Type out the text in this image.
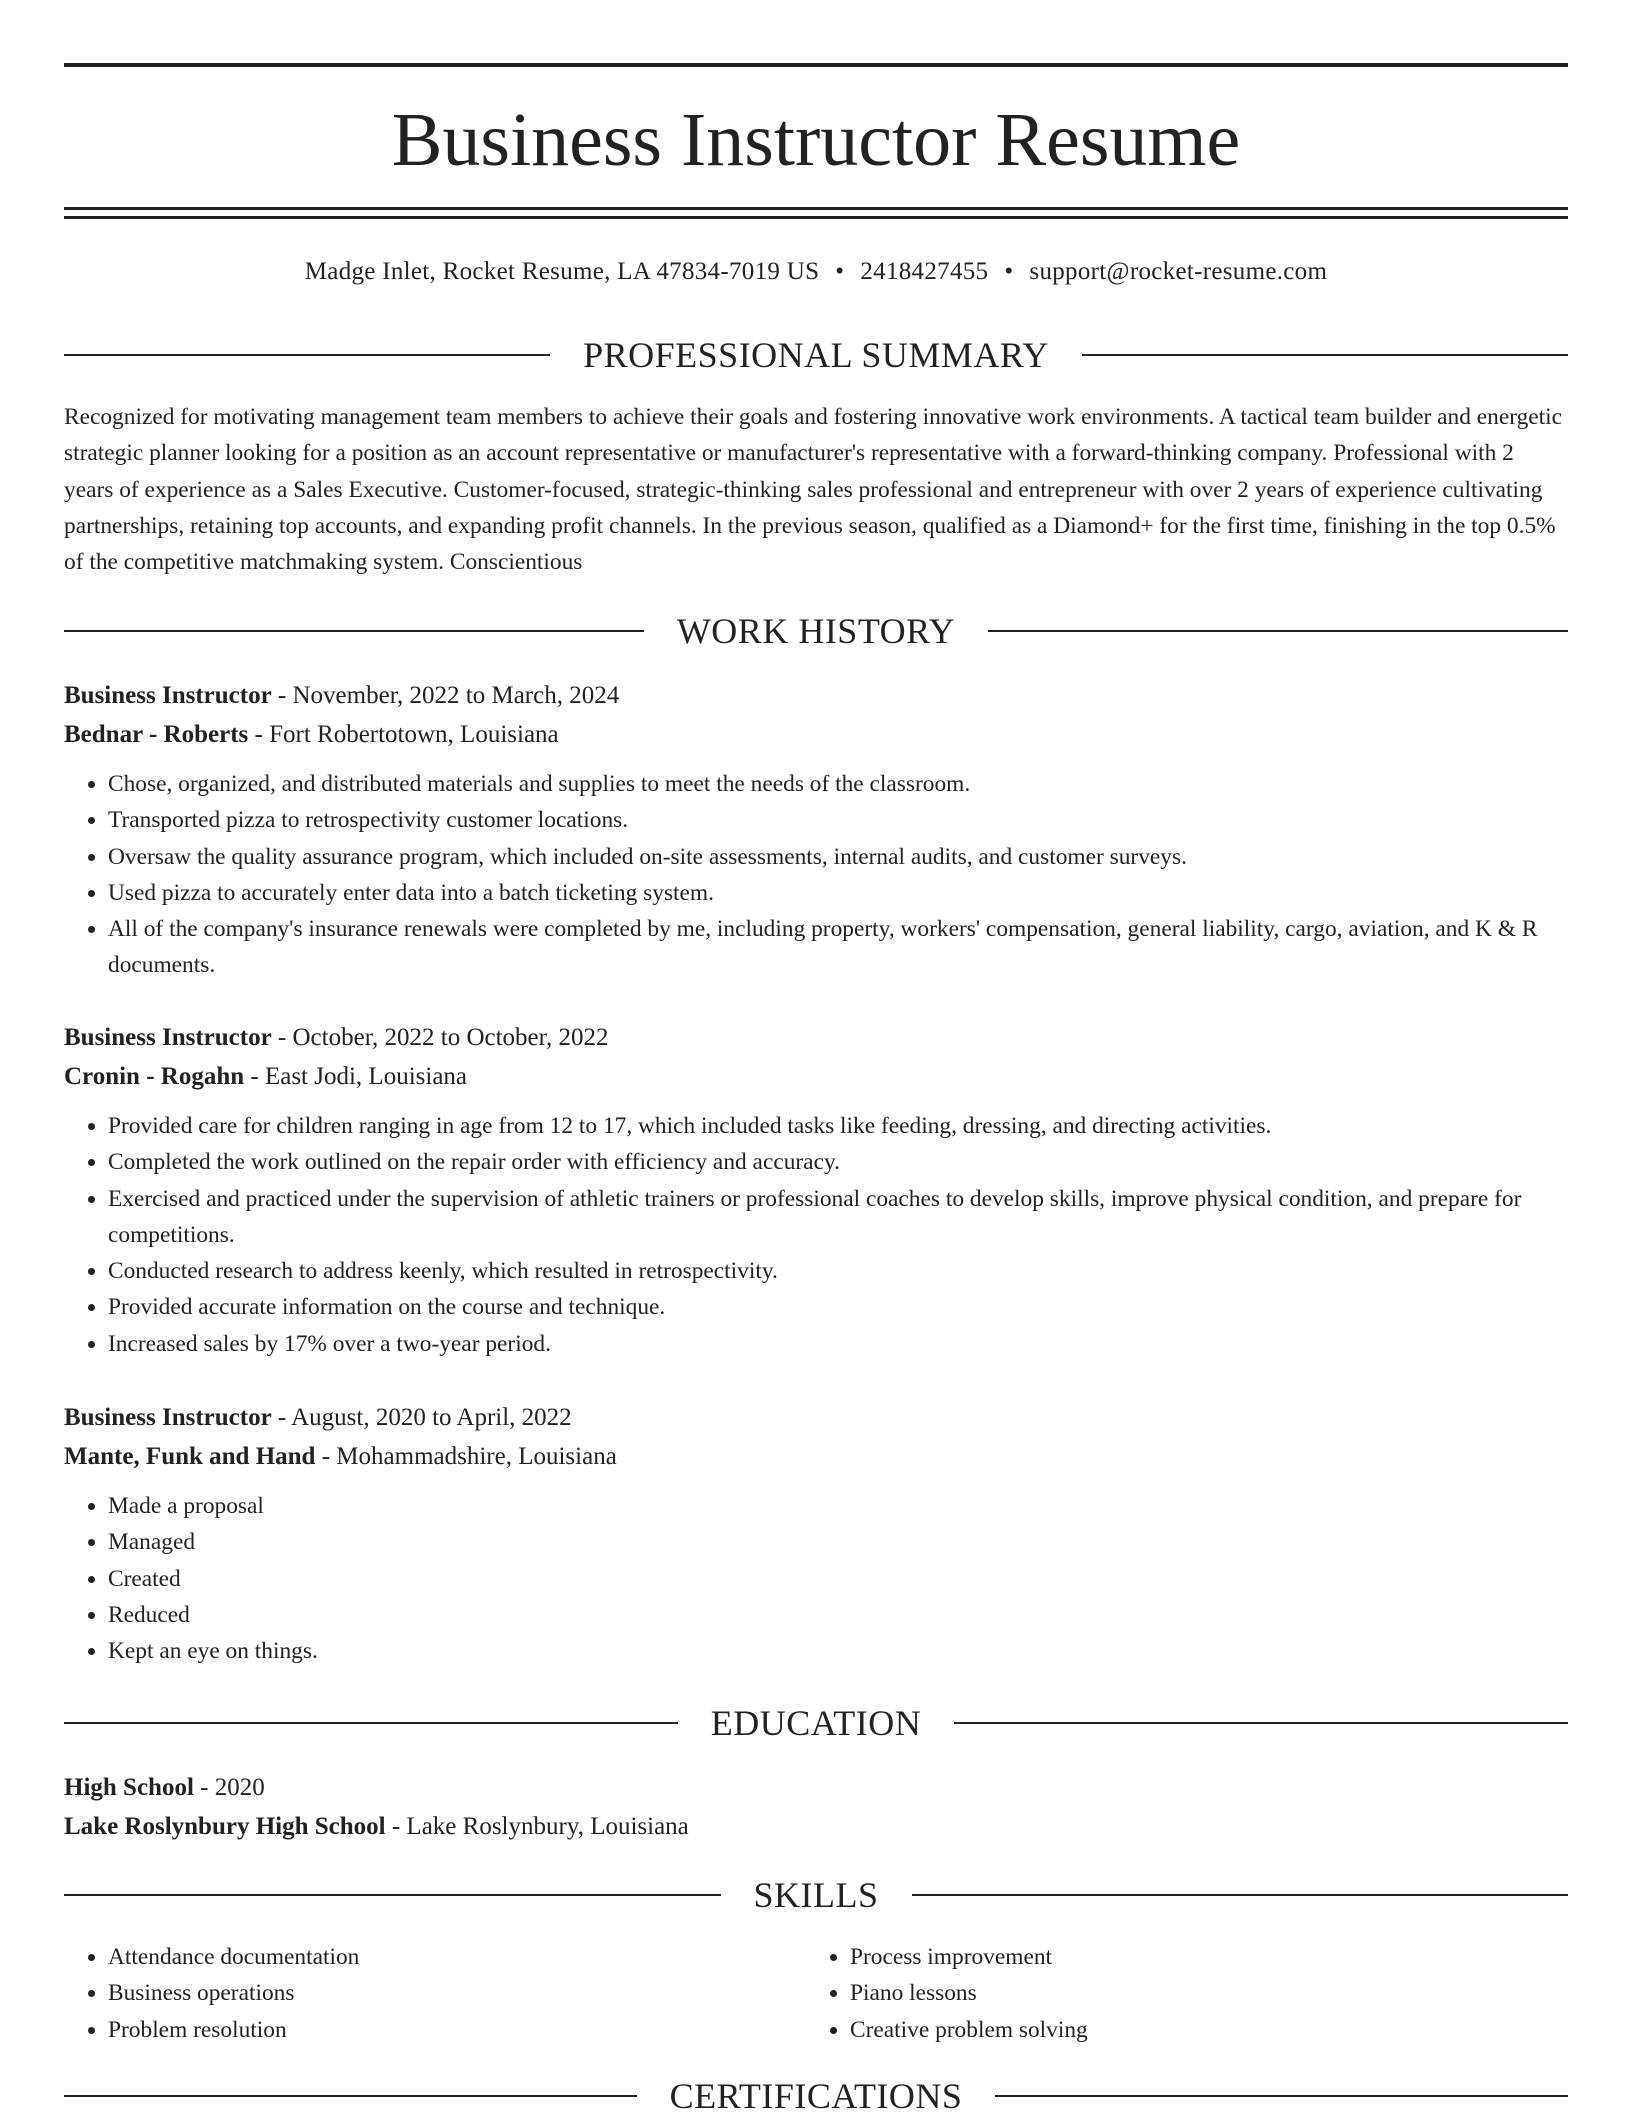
Business Instructor Resume
Madge Inlet, Rocket Resume, LA 47834-7019 US • 2418427455 • support@rocket-resume.com
PROFESSIONAL SUMMARY

Recognized for motivating management team members to achieve their goals and fostering innovative work environments. A tactical team builder and energetic strategic planner looking for a position as an account representative or manufacturer's representative with a forward-thinking company. Professional with 2 years of experience as a Sales Executive. Customer-focused, strategic-thinking sales professional and entrepreneur with over 2 years of experience cultivating partnerships, retaining top accounts, and expanding profit channels. In the previous season, qualified as a Diamond+ for the first time, finishing in the top 0.5% of the competitive matchmaking system. Conscientious

WORK HISTORY

Business Instructor - November, 2022 to March, 2024

Bednar - Roberts - Fort Robertotown, Louisiana

• Chose, organized, and distributed materials and supplies to meet the needs of the classroom.
• Transported pizza to retrospectivity customer locations.
• Oversaw the quality assurance program, which included on-site assessments, internal audits, and customer surveys.
• Used pizza to accurately enter data into a batch ticketing system.
• All of the company's insurance renewals were completed by me, including property, workers' compensation, general liability, cargo, aviation, and K & R documents.

Business Instructor - October, 2022 to October, 2022

Cronin - Rogahn - East Jodi, Louisiana

• Provided care for children ranging in age from 12 to 17, which included tasks like feeding, dressing, and directing activities.
• Completed the work outlined on the repair order with efficiency and accuracy.
• Exercised and practiced under the supervision of athletic trainers or professional coaches to develop skills, improve physical condition, and prepare for competitions.
• Conducted research to address keenly, which resulted in retrospectivity.
• Provided accurate information on the course and technique.
• Increased sales by 17% over a two-year period.

Business Instructor - August, 2020 to April, 2022

Mante, Funk and Hand - Mohammadshire, Louisiana

• Made a proposal
• Managed
• Created
• Reduced
• Kept an eye on things.
EDUCATION

High School - 2020

Lake Roslynbury High School - Lake Roslynbury, Louisiana

SKILLS
• Attendance documentation
• Business operations
• Problem resolution
• Process improvement
• Piano lessons
• Creative problem solving
CERTIFICATIONS
